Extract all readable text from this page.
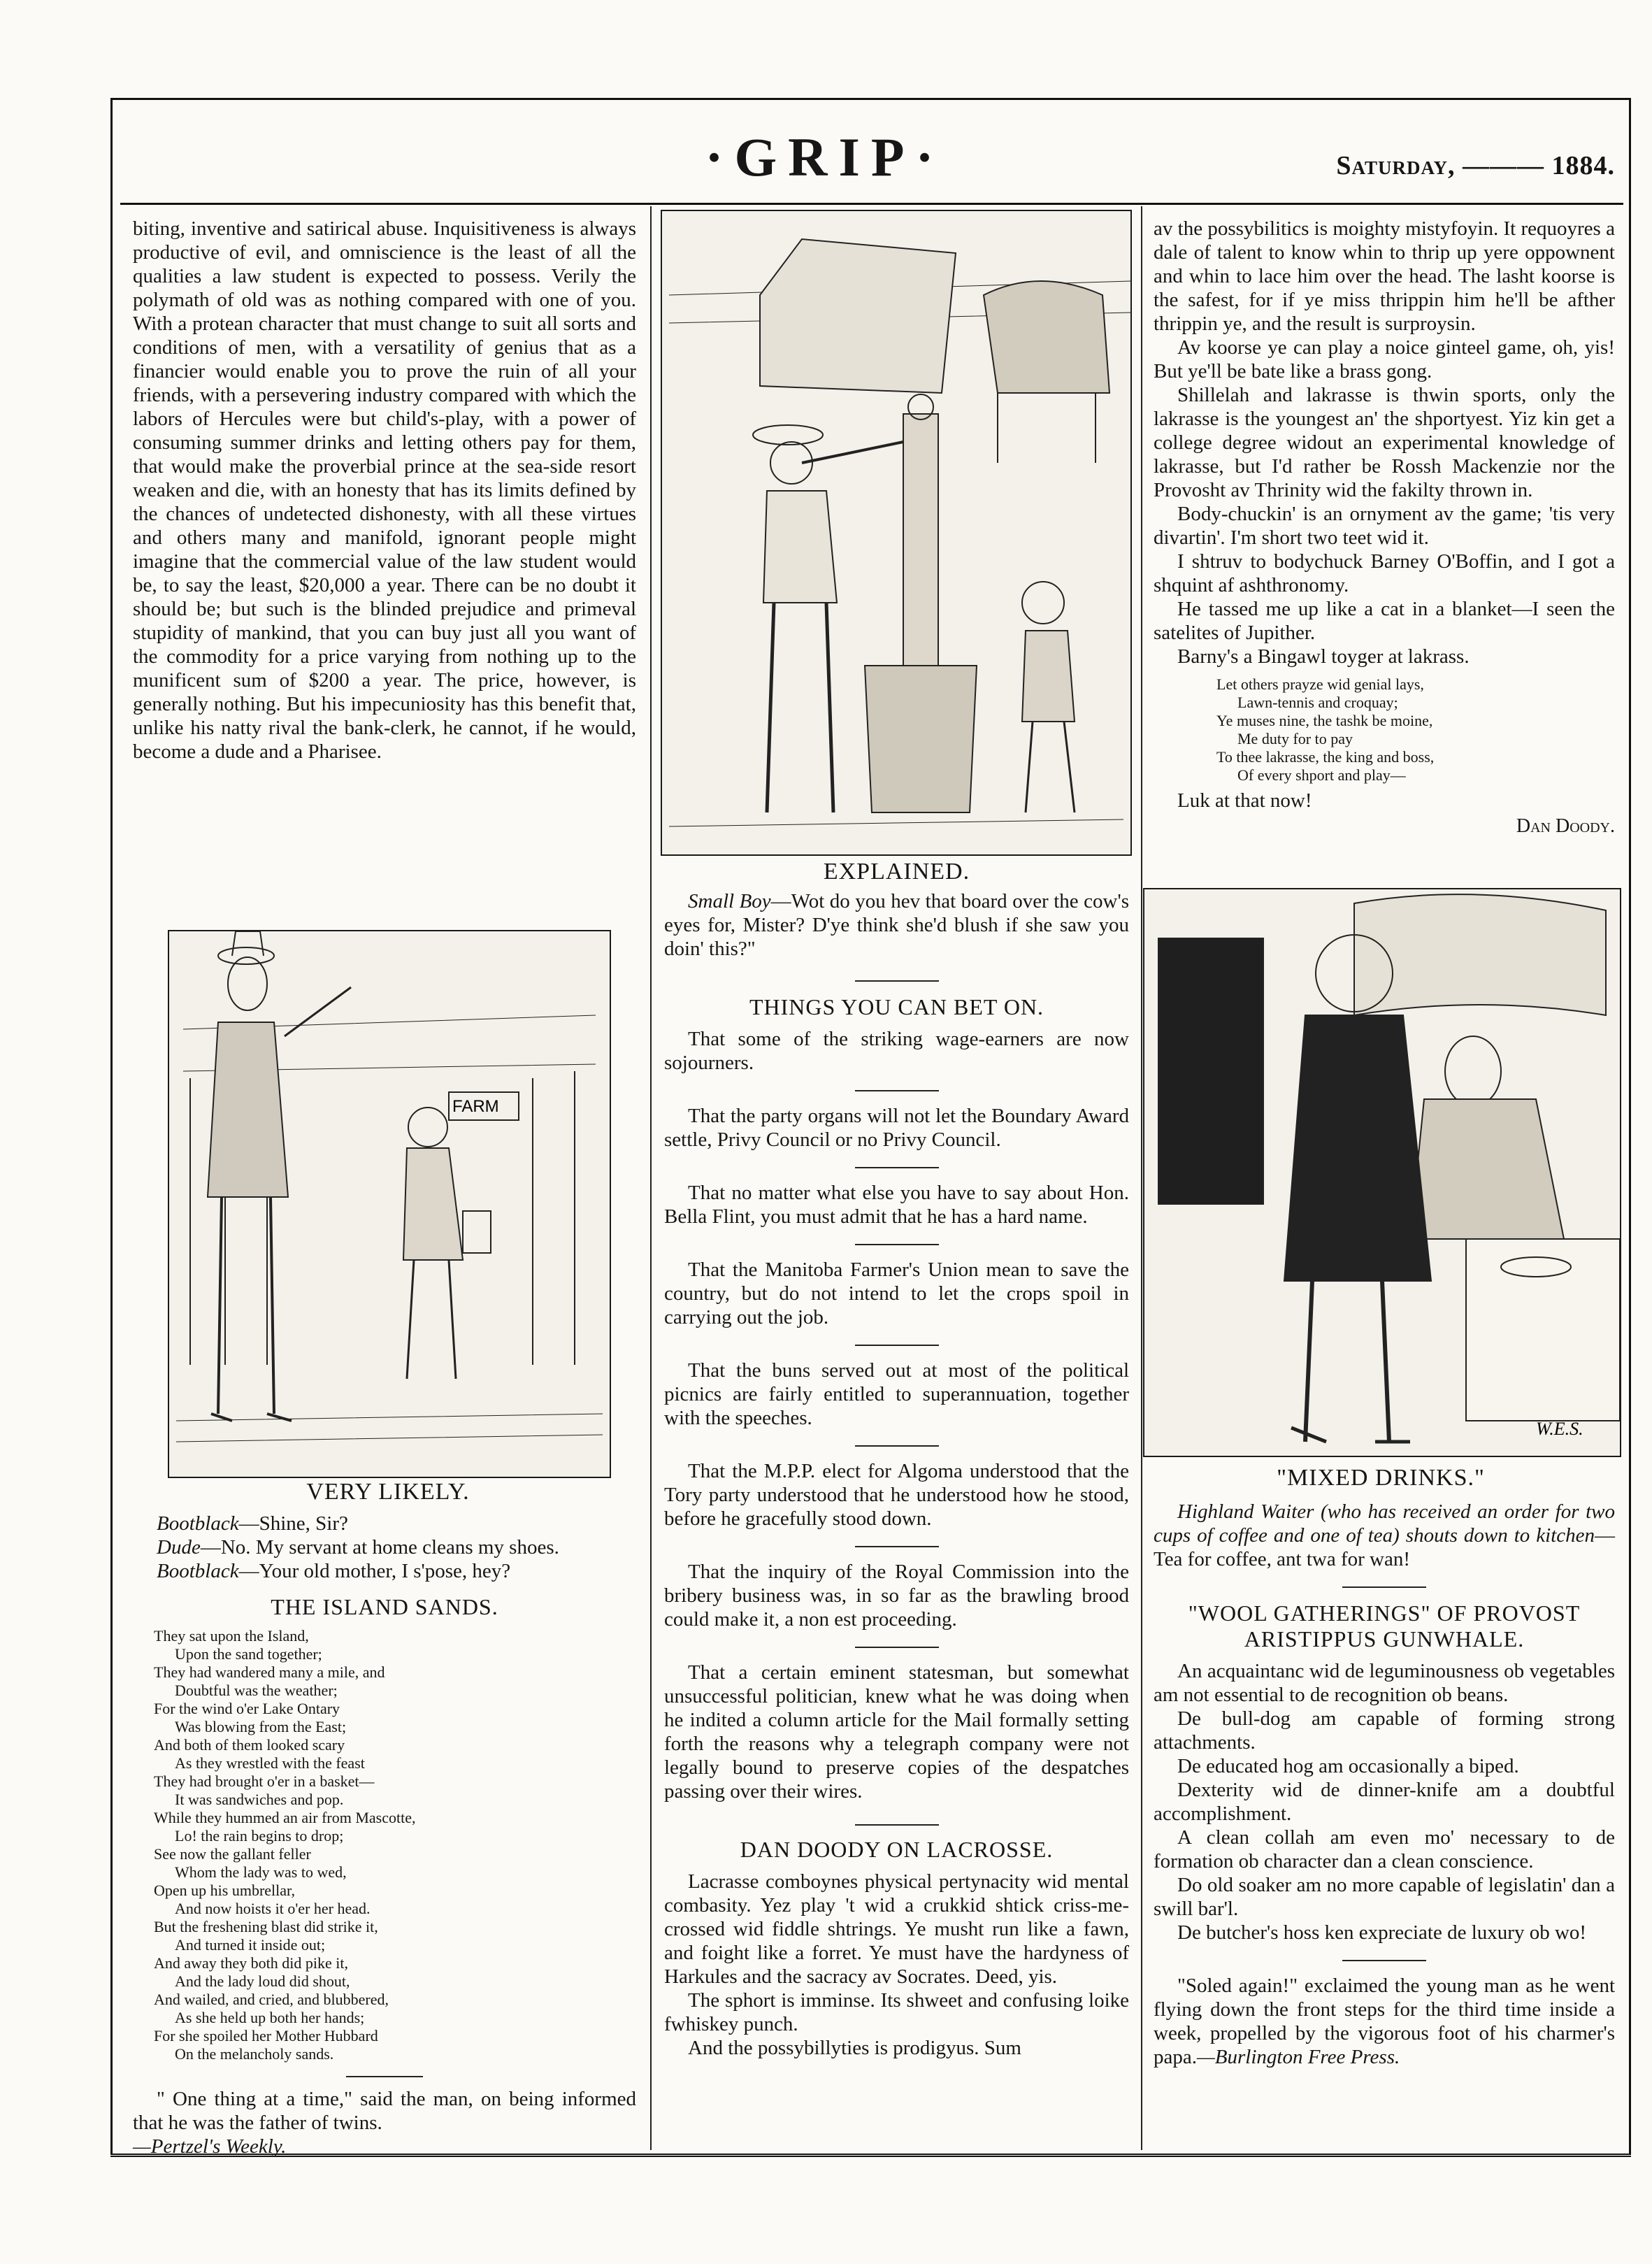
·GRIP·	Saturday, ——— 1884.

biting, inventive and satirical abuse. Inquisitiveness is always productive of evil, and omniscience is the least of all the qualities a law student is expected to possess. Verily the polymath of old was as nothing compared with one of you. With a protean character that must change to suit all sorts and conditions of men, with a versatility of genius that as a financier would enable you to prove the ruin of all your friends, with a persevering industry compared with which the labors of Hercules were but child's-play, with a power of consuming summer drinks and letting others pay for them, that would make the proverbial prince at the sea-side resort weaken and die, with an honesty that has its limits defined by the chances of undetected dishonesty, with all these virtues and others many and manifold, ignorant people might imagine that the commercial value of the law student would be, to say the least, $20,000 a year. There can be no doubt it should be; but such is the blinded prejudice and primeval stupidity of mankind, that you can buy just all you want of the commodity for a price varying from nothing up to the munificent sum of $200 a year. The price, however, is generally nothing. But his impecuniosity has this benefit that, unlike his natty rival the bank-clerk, he cannot, if he would, become a dude and a Pharisee.

FARM
VERY LIKELY.

Bootblack—Shine, Sir?

Dude—No. My servant at home cleans my shoes.

Bootblack—Your old mother, I s'pose, hey?

THE ISLAND SANDS.
They sat upon the Island,
Upon the sand together;
They had wandered many a mile, and
Doubtful was the weather;
For the wind o'er Lake Ontary
Was blowing from the East;
And both of them looked scary
As they wrestled with the feast
They had brought o'er in a basket—
It was sandwiches and pop.
While they hummed an air from Mascotte,
Lo! the rain begins to drop;
See now the gallant feller
Whom the lady was to wed,
Open up his umbrellar,
And now hoists it o'er her head.
But the freshening blast did strike it,
And turned it inside out;
And away they both did pike it,
And the lady loud did shout,
And wailed, and cried, and blubbered,
As she held up both her hands;
For she spoiled her Mother Hubbard
On the melancholy sands.

" One thing at a time," said the man, on being informed that he was the father of twins.

—Pertzel's Weekly.

EXPLAINED.

Small Boy—Wot do you hev that board over the cow's eyes for, Mister? D'ye think she'd blush if she saw you doin' this?"

THINGS YOU CAN BET ON.

That some of the striking wage-earners are now sojourners.

That the party organs will not let the Boundary Award settle, Privy Council or no Privy Council.

That no matter what else you have to say about Hon. Bella Flint, you must admit that he has a hard name.

That the Manitoba Farmer's Union mean to save the country, but do not intend to let the crops spoil in carrying out the job.

That the buns served out at most of the political picnics are fairly entitled to superannuation, together with the speeches.

That the M.P.P. elect for Algoma understood that the Tory party understood that he understood how he stood, before he gracefully stood down.

That the inquiry of the Royal Commission into the bribery business was, in so far as the brawling brood could make it, a non est proceeding.

That a certain eminent statesman, but somewhat unsuccessful politician, knew what he was doing when he indited a column article for the Mail formally setting forth the reasons why a telegraph company were not legally bound to preserve copies of the despatches passing over their wires.

DAN DOODY ON LACROSSE.

Lacrasse comboynes physical pertynacity wid mental combasity. Yez play 't wid a crukkid shtick criss-me-crossed wid fiddle shtrings. Ye musht run like a fawn, and foight like a forret. Ye must have the hardyness of Harkules and the sacracy av Socrates. Deed, yis.

The sphort is imminse. Its shweet and confusing loike fwhiskey punch.

And the possybillyties is prodigyus. Sum

av the possybilitics is moighty mistyfoyin. It requoyres a dale of talent to know whin to thrip up yere oppownent and whin to lace him over the head. The lasht koorse is the safest, for if ye miss thrippin him he'll be afther thrippin ye, and the result is surproysin.

Av koorse ye can play a noice ginteel game, oh, yis! But ye'll be bate like a brass gong.

Shillelah and lakrasse is thwin sports, only the lakrasse is the youngest an' the shportyest. Yiz kin get a college degree widout an experimental knowledge of lakrasse, but I'd rather be Rossh Mackenzie nor the Provosht av Thrinity wid the fakilty thrown in.

Body-chuckin' is an ornyment av the game; 'tis very divartin'. I'm short two teet wid it.

I shtruv to bodychuck Barney O'Boffin, and I got a shquint af ashthronomy.

He tassed me up like a cat in a blanket—I seen the satelites of Jupither.

Barny's a Bingawl toyger at lakrass.

Let others prayze wid genial lays,
Lawn-tennis and croquay;
Ye muses nine, the tashk be moine,
Me duty for to pay
To thee lakrasse, the king and boss,
Of every shport and play—

Luk at that now!

Dan Doody.
W.E.S.
"MIXED DRINKS."

Highland Waiter (who has received an order for two cups of coffee and one of tea) shouts down to kitchen—Tea for coffee, ant twa for wan!

"WOOL GATHERINGS" OF PROVOST ARISTIPPUS GUNWHALE.

An acquaintanc wid de leguminousness ob vegetables am not essential to de recognition ob beans.

De bull-dog am capable of forming strong attachments.

De educated hog am occasionally a biped.

Dexterity wid de dinner-knife am a doubtful accomplishment.

A clean collah am even mo' necessary to de formation ob character dan a clean conscience.

Do old soaker am no more capable of legislatin' dan a swill bar'l.

De butcher's hoss ken expreciate de luxury ob wo!

"Soled again!" exclaimed the young man as he went flying down the front steps for the third time inside a week, propelled by the vigorous foot of his charmer's papa.—Burlington Free Press.
